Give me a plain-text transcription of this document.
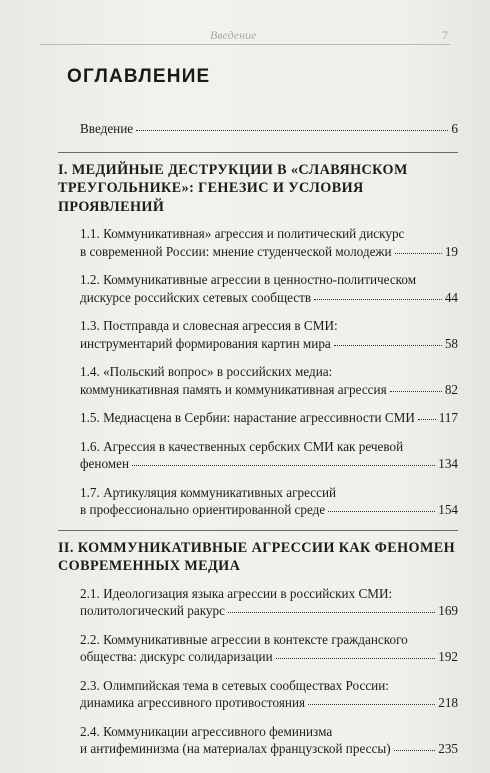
Введение	7
ОГЛАВЛЕНИЕ
Введение	6
I. МЕДИЙНЫЕ ДЕСТРУКЦИИ В «СЛАВЯНСКОМ
ТРЕУГОЛЬНИКЕ»: ГЕНЕЗИС И УСЛОВИЯ ПРОЯВЛЕНИЙ
1.1. Коммуникативная» агрессия и политический дискурс
в современной России: мнение студенческой молодежи	19
1.2. Коммуникативные агрессии в ценностно-политическом
дискурсе российских сетевых сообществ	44
1.3. Постправда и словесная агрессия в СМИ:
инструментарий формирования картин мира	58
1.4. «Польский вопрос» в российских медиа:
коммуникативная память и коммуникативная агрессия	82
1.5. Медиасцена в Сербии: нарастание агрессивности СМИ 117
1.6. Агрессия в качественных сербских СМИ как речевой
феномен	134
1.7. Артикуляция коммуникативных агрессий
в профессионально ориентированной среде	154
II. КОММУНИКАТИВНЫЕ АГРЕССИИ КАК ФЕНОМЕН
СОВРЕМЕННЫХ МЕДИА
2.1. Идеологизация языка агрессии в российских СМИ:
политологический ракурс	169
2.2. Коммуникативные агрессии в контексте гражданского
общества: дискурс солидаризации	192
2.3. Олимпийская тема в сетевых сообществах России:
динамика агрессивного противостояния	218
2.4. Коммуникации агрессивного феминизма
и антифеминизма (на материалах французской прессы)	235
